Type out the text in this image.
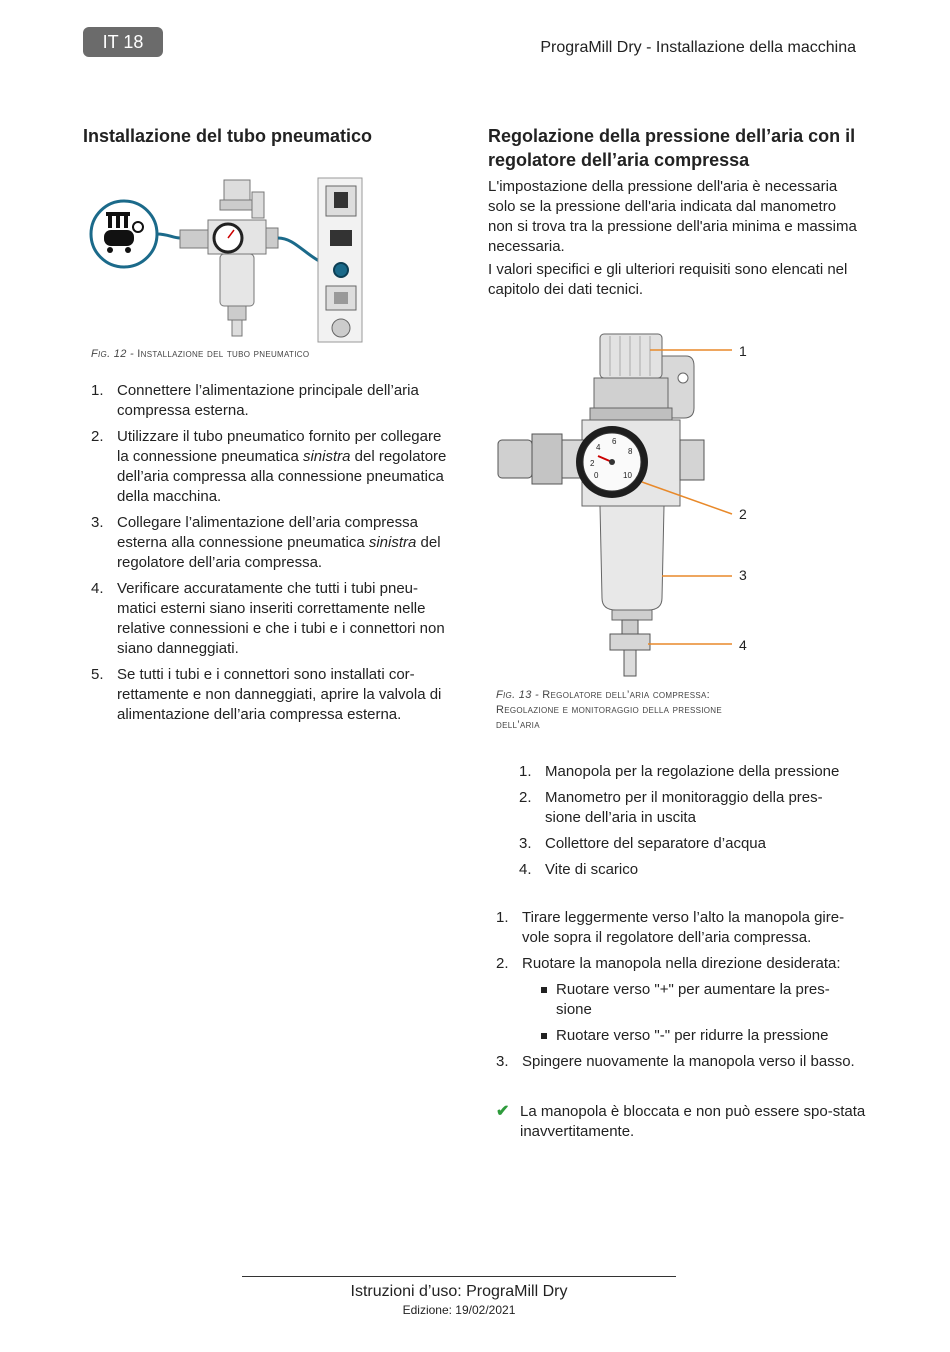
IT 18	PrograMill Dry - Installazione della macchina
Installazione del tubo pneumatico
Fig. 12 - Installazione del tubo pneumatico
1. Connettere l’alimentazione principale dell’aria compressa esterna.
2. Utilizzare il tubo pneumatico fornito per collegare la connessione pneumatica sinistra del regolatore dell’aria compressa alla connessione pneumatica della macchina.
3. Collegare l’alimentazione dell’aria compressa esterna alla connessione pneumatica sinistra del regolatore dell’aria compressa.
4. Verificare accuratamente che tutti i tubi pneu-matici esterni siano inseriti correttamente nelle relative connessioni e che i tubi e i connettori non siano danneggiati.
5. Se tutti i tubi e i connettori sono installati cor-rettamente e non danneggiati, aprire la valvola di alimentazione dell’aria compressa esterna.
Regolazione della pressione dell’aria con il regolatore dell’aria compressa
L'impostazione della pressione dell'aria è necessaria solo se la pressione dell'aria indicata dal manometro non si trova tra la pressione dell'aria minima e massima necessaria.
I valori specifici e gli ulteriori requisiti sono elencati nel capitolo dei dati tecnici.
0
2
4
6
8
10
1
2
3
4
Fig. 13 - Regolatore dell’aria compressa:
Regolazione e monitoraggio della pressione
dell’aria
1. Manopola per la regolazione della pressione
2. Manometro per il monitoraggio della pres-sione dell’aria in uscita
3. Collettore del separatore d’acqua
4. Vite di scarico
1. Tirare leggermente verso l’alto la manopola gire-vole sopra il regolatore dell’aria compressa.
2. Ruotare la manopola nella direzione desiderata:
Ruotare verso "+" per aumentare la pres-sione
Ruotare verso "-" per ridurre la pressione
3. Spingere nuovamente la manopola verso il basso.
✔ La manopola è bloccata e non può essere spo-stata inavvertitamente.
Istruzioni d’uso: PrograMill Dry
Edizione: 19/02/2021
